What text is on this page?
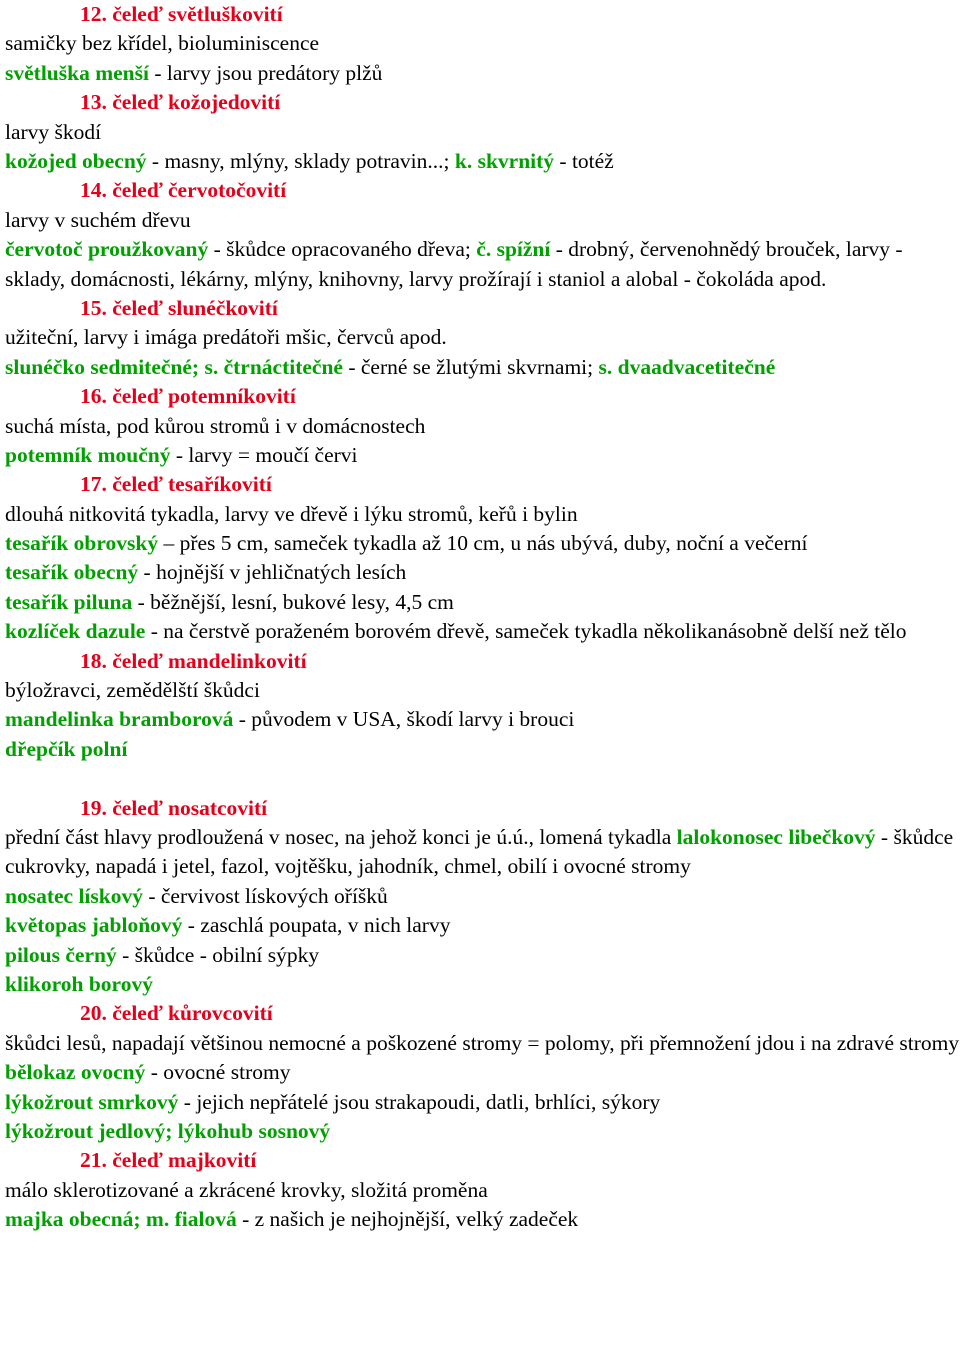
12. čeleď světluškovití
samičky bez křídel, bioluminiscence
světluška menší - larvy jsou predátory plžů
13. čeleď kožojedovití
larvy škodí
kožojed obecný - masny, mlýny, sklady potravin...; k. skvrnitý - totéž
14. čeleď červotočovití
larvy v suchém dřevu
červotoč proužkovaný - škůdce opracovaného dřeva; č. spížní - drobný, červenohnědý brouček, larvy - sklady, domácnosti, lékárny, mlýny, knihovny, larvy prožírají i staniol a alobal - čokoláda apod.
15. čeleď slunéčkovití
užiteční, larvy i imága predátoři mšic, červců apod.
slunéčko sedmitečné; s. čtrnáctitečné - černé se žlutými skvrnami; s. dvaadvacetitečné
16. čeleď potemníkovití
suchá místa, pod kůrou stromů i v domácnostech
potemník moučný - larvy = moučí červi
17. čeleď tesaříkovití
dlouhá nitkovitá tykadla, larvy ve dřevě i lýku stromů, keřů i bylin
tesařík obrovský – přes 5 cm, sameček tykadla až 10 cm, u nás ubývá, duby, noční a večerní
tesařík obecný - hojnější v jehličnatých lesích
tesařík piluna - běžnější, lesní, bukové lesy, 4,5 cm
kozlíček dazule - na čerstvě poraženém borovém dřevě, sameček tykadla několikanásobně delší než tělo
18. čeleď mandelinkovití
býložravci, zemědělští škůdci
mandelinka bramborová - původem v USA, škodí larvy i brouci
dřepčík polní
19. čeleď nosatcovití
přední část hlavy prodloužená v nosec, na jehož konci je ú.ú., lomená tykadla lalokonosec libečkový - škůdce cukrovky, napadá i jetel, fazol, vojtěšku, jahodník, chmel, obilí i ovocné stromy
nosatec lískový - červivost lískových oříšků
květopas jabloňový - zaschlá poupata, v nich larvy
pilous černý - škůdce - obilní sýpky
klikoroh borový
20. čeleď kůrovcovití
škůdci lesů, napadají většinou nemocné a poškozené stromy = polomy, při přemnožení jdou i na zdravé stromy
bělokaz ovocný - ovocné stromy
lýkožrout smrkový - jejich nepřátelé jsou strakapoudi, datli, brhlíci, sýkory
lýkožrout jedlový; lýkohub sosnový
21. čeleď majkovití
málo sklerotizované a zkrácené krovky, složitá proměna
majka obecná; m. fialová - z našich je nejhojnější, velký zadeček
